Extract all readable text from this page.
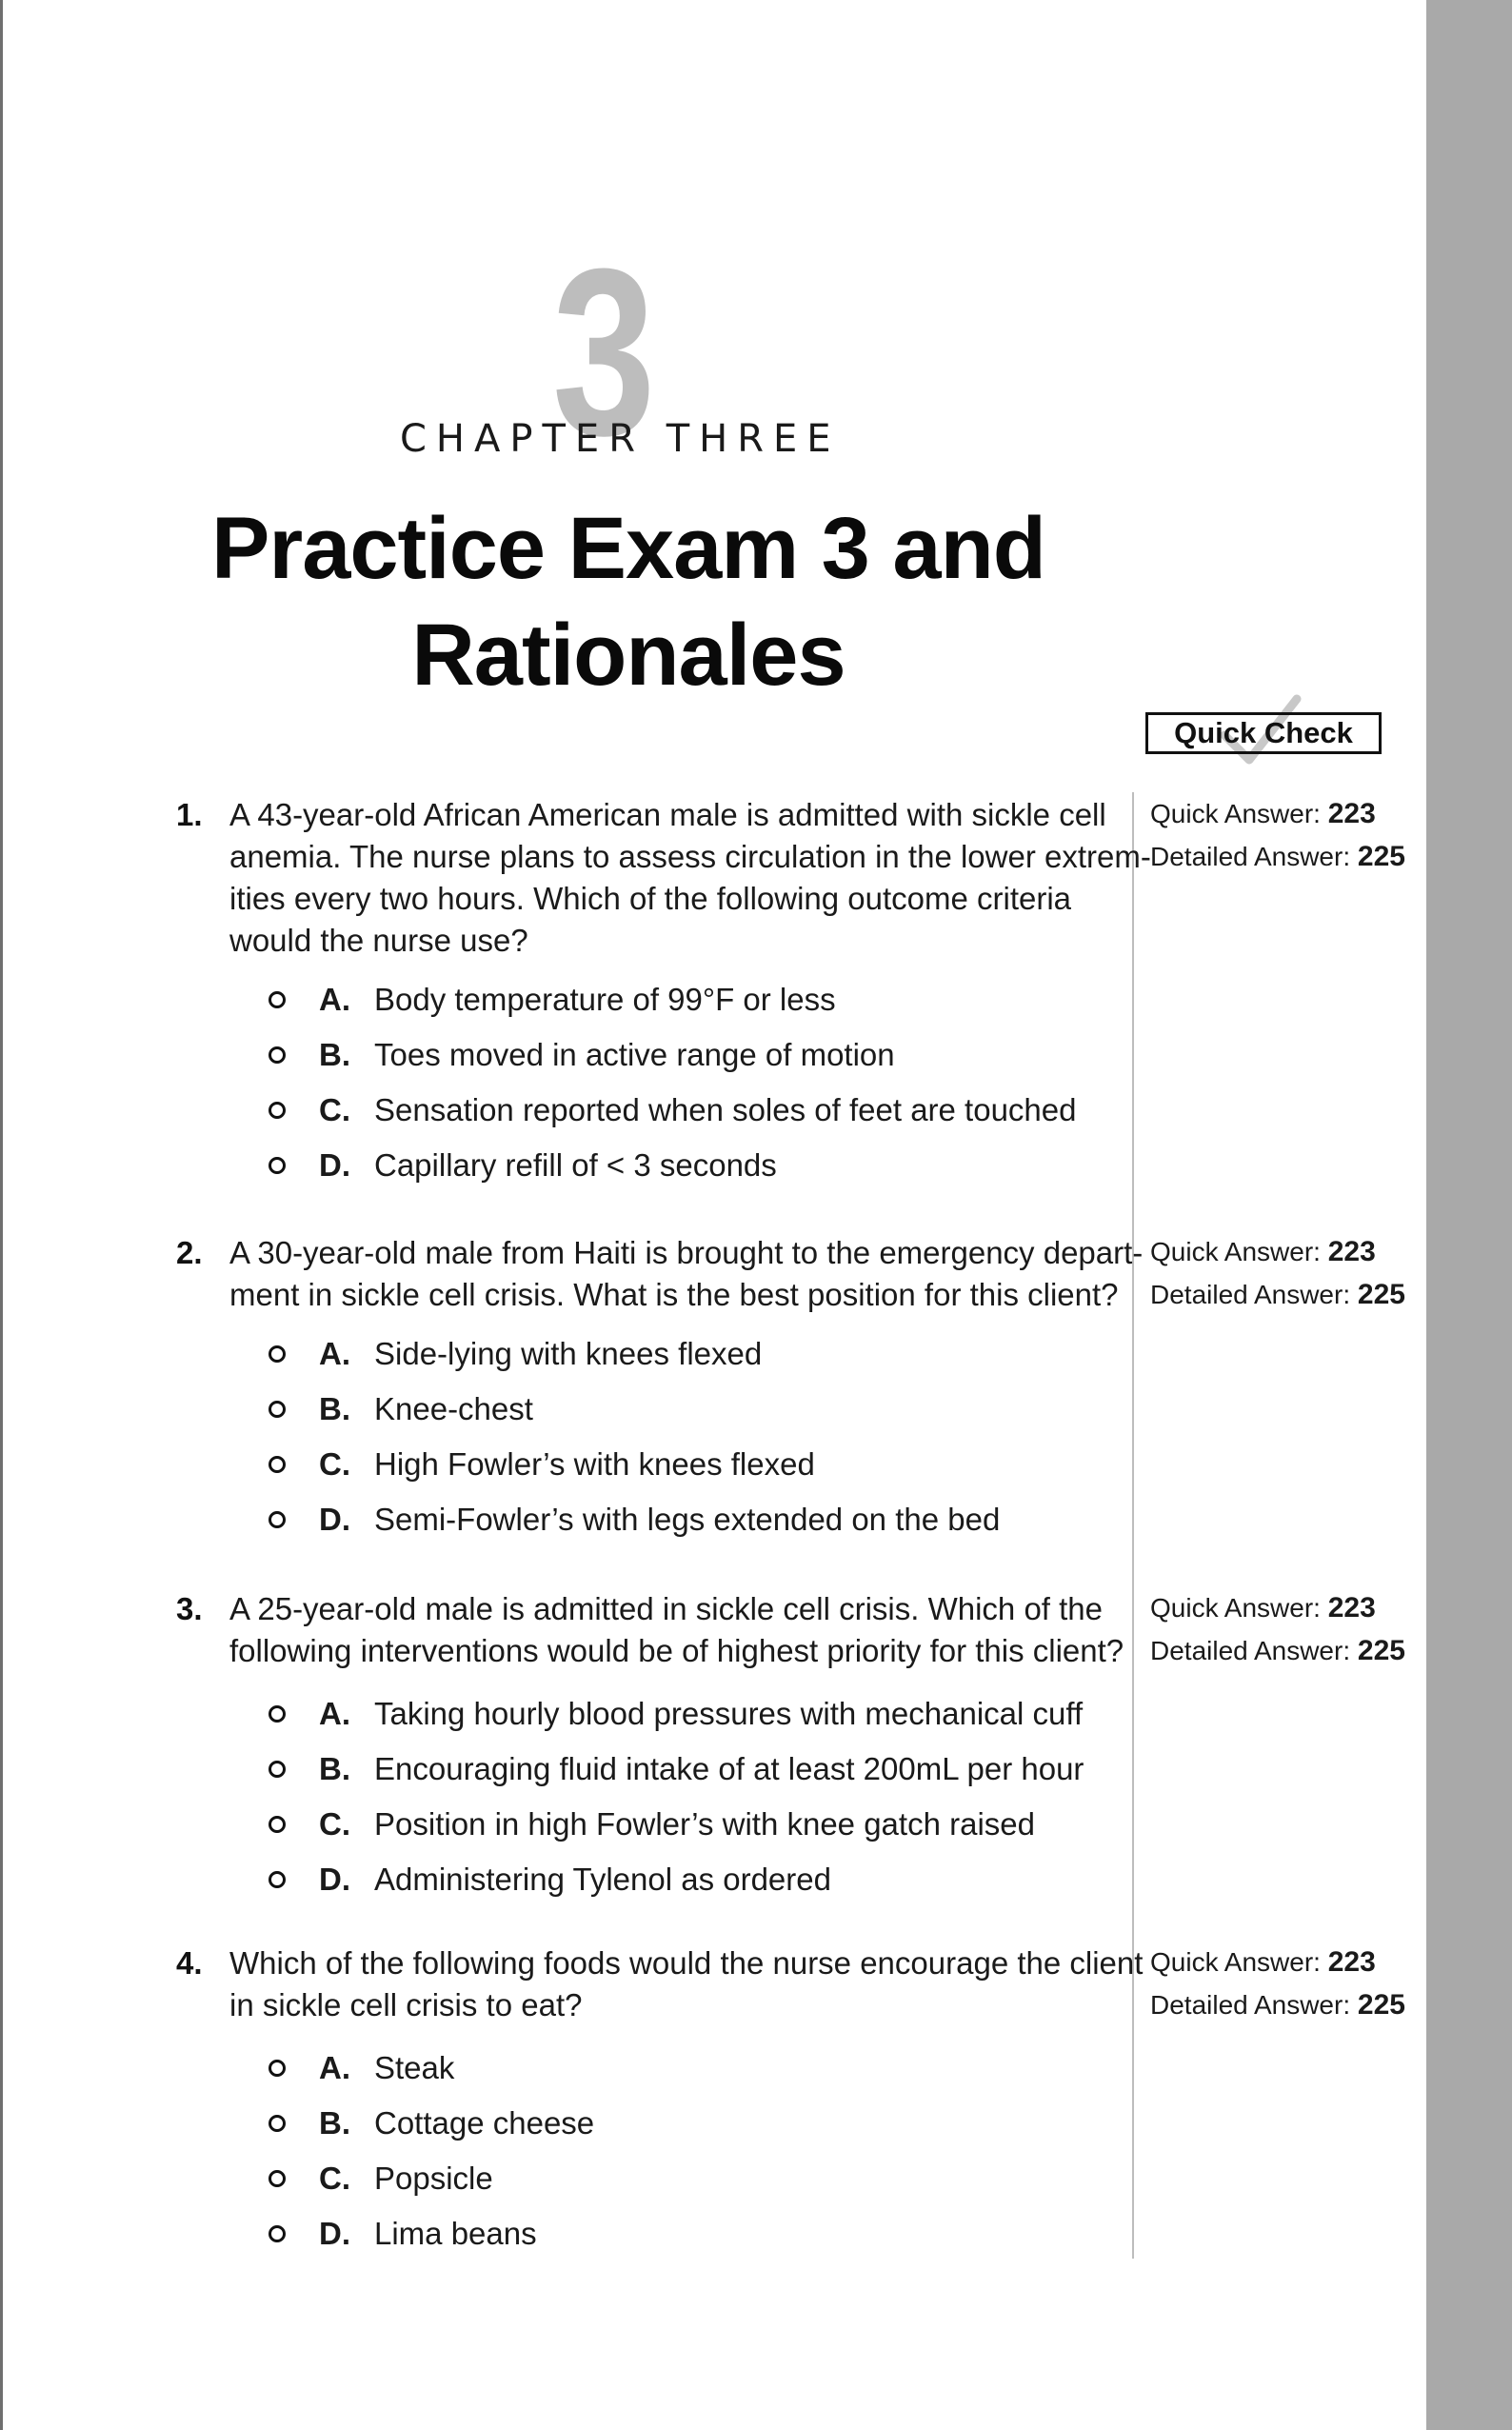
3
CHAPTER THREE
Practice Exam 3 and
Rationales
Quick Check
1. A 43-year-old African American male is admitted with sickle cell
anemia. The nurse plans to assess circulation in the lower extrem-
ities every two hours. Which of the following outcome criteria
would the nurse use?
A. Body temperature of 99°F or less
B. Toes moved in active range of motion
C. Sensation reported when soles of feet are touched
D. Capillary refill of < 3 seconds
Quick Answer: 223
Detailed Answer: 225
2. A 30-year-old male from Haiti is brought to the emergency depart-
ment in sickle cell crisis. What is the best position for this client?
A. Side-lying with knees flexed
B. Knee-chest
C. High Fowler’s with knees flexed
D. Semi-Fowler’s with legs extended on the bed
Quick Answer: 223
Detailed Answer: 225
3. A 25-year-old male is admitted in sickle cell crisis. Which of the
following interventions would be of highest priority for this client?
A. Taking hourly blood pressures with mechanical cuff
B. Encouraging fluid intake of at least 200mL per hour
C. Position in high Fowler’s with knee gatch raised
D. Administering Tylenol as ordered
Quick Answer: 223
Detailed Answer: 225
4. Which of the following foods would the nurse encourage the client
in sickle cell crisis to eat?
A. Steak
B. Cottage cheese
C. Popsicle
D. Lima beans
Quick Answer: 223
Detailed Answer: 225
